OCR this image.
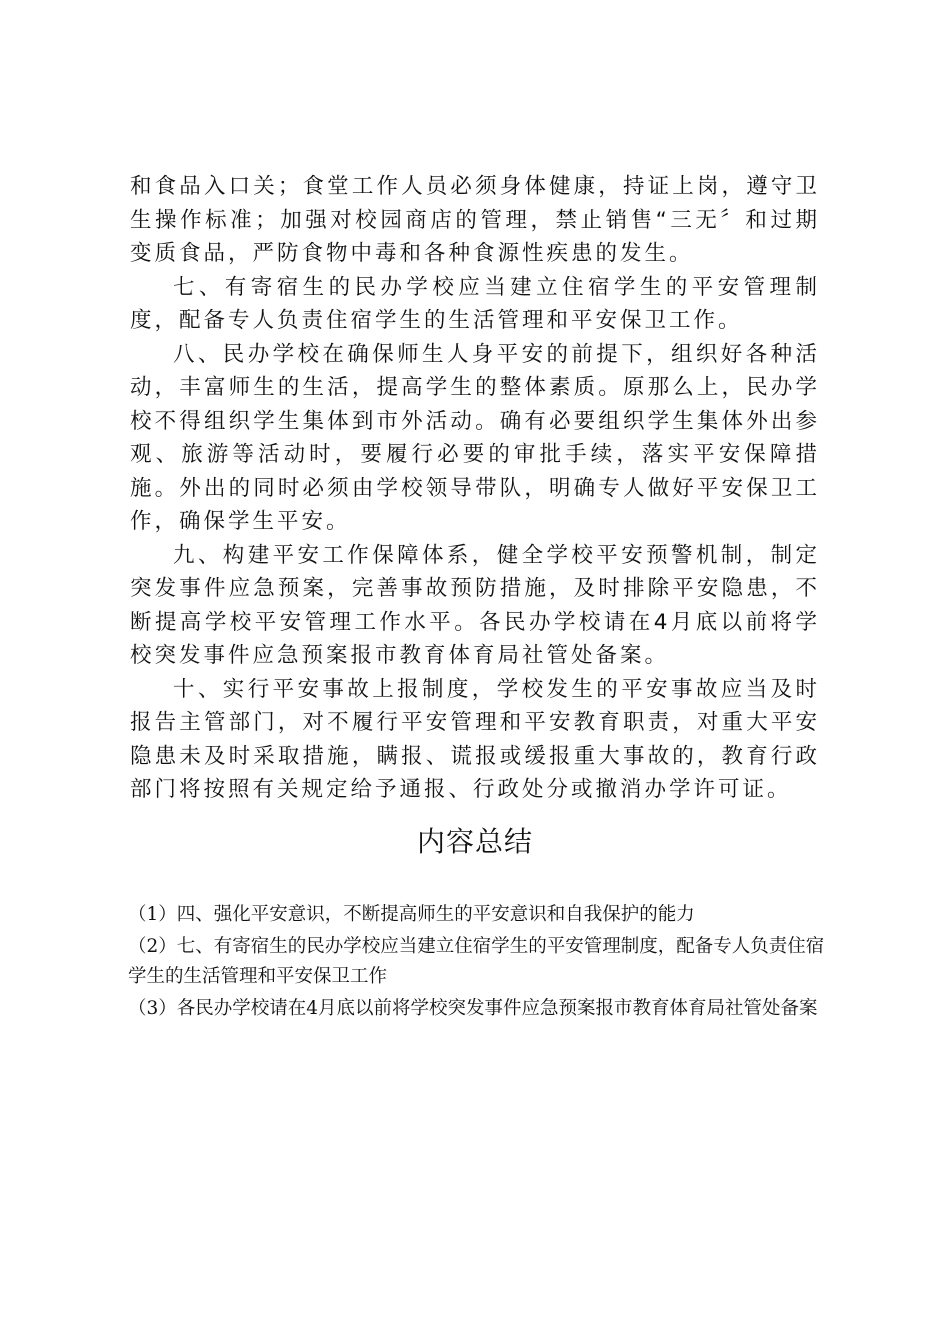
和食品入口关；食堂工作人员必须身体健康，持证上岗，遵守卫生操作标准；加强对校园商店的管理，禁止销售“三无〞和过期变质食品，严防食物中毒和各种食源性疾患的发生。

七、有寄宿生的民办学校应当建立住宿学生的平安管理制度，配备专人负责住宿学生的生活管理和平安保卫工作。

八、民办学校在确保师生人身平安的前提下，组织好各种活动，丰富师生的生活，提高学生的整体素质。原那么上，民办学校不得组织学生集体到市外活动。确有必要组织学生集体外出参观、旅游等活动时，要履行必要的审批手续，落实平安保障措施。外出的同时必须由学校领导带队，明确专人做好平安保卫工作，确保学生平安。

九、构建平安工作保障体系，健全学校平安预警机制，制定突发事件应急预案，完善事故预防措施，及时排除平安隐患，不断提高学校平安管理工作水平。各民办学校请在4月底以前将学校突发事件应急预案报市教育体育局社管处备案。

十、实行平安事故上报制度，学校发生的平安事故应当及时报告主管部门，对不履行平安管理和平安教育职责，对重大平安隐患未及时采取措施，瞒报、谎报或缓报重大事故的，教育行政部门将按照有关规定给予通报、行政处分或撤消办学许可证。

内容总结

（1）四、强化平安意识，不断提高师生的平安意识和自我保护的能力

（2）七、有寄宿生的民办学校应当建立住宿学生的平安管理制度，配备专人负责住宿学生的生活管理和平安保卫工作

（3）各民办学校请在4月底以前将学校突发事件应急预案报市教育体育局社管处备案
